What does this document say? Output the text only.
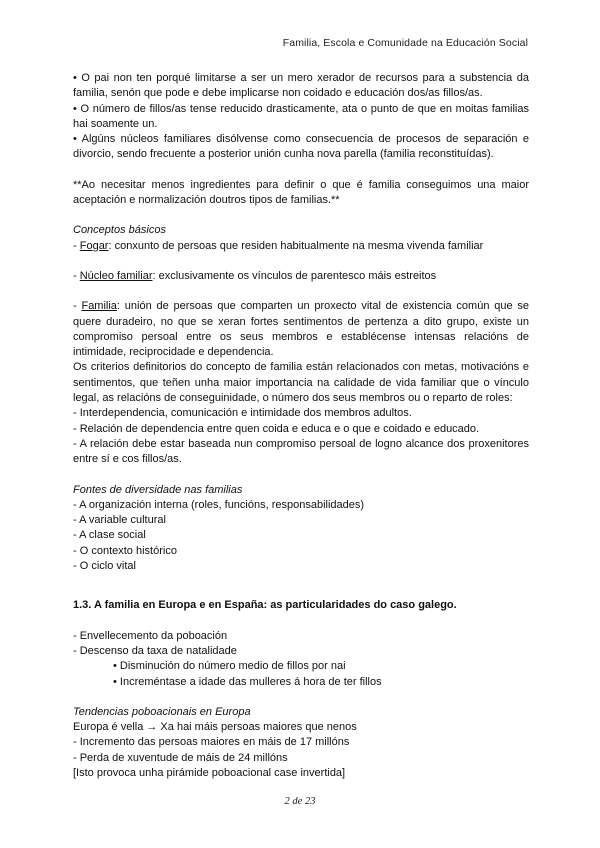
Familia, Escola e Comunidade na Educación Social

• O pai non ten porqué limitarse a ser un mero xerador de recursos para a substencia da familia, senón que pode e debe implicarse non coidado e educación dos/as fillos/as.

• O número de fillos/as tense reducido drasticamente, ata o punto de que en moitas familias hai soamente un.

• Algúns núcleos familiares disólvense como consecuencia de procesos de separación e divorcio, sendo frecuente a posterior unión cunha nova parella (familia reconstituídas).

**Ao necesitar menos ingredientes para definir o que é familia conseguimos una maior aceptación e normalización doutros tipos de familias.**

Conceptos básicos

- Fogar: conxunto de persoas que residen habitualmente na mesma vivenda familiar

- Núcleo familiar: exclusivamente os vínculos de parentesco máis estreitos

- Familia: unión de persoas que comparten un proxecto vital de existencia común que se quere duradeiro, no que se xeran fortes sentimentos de pertenza a dito grupo, existe un compromiso persoal entre os seus membros e establécense intensas relacións de intimidade, reciprocidade e dependencia.

Os criterios definitorios do concepto de familia están relacionados con metas, motivacións e sentimentos, que teñen unha maior importancia na calidade de vida familiar que o vínculo legal, as relacións de conseguinidade, o número dos seus membros ou o reparto de roles:

- Interdependencia, comunicación e intimidade dos membros adultos.

- Relación de dependencia entre quen coida e educa e o que e coidado e educado.

- A relación debe estar baseada nun compromiso persoal de logno alcance dos proxenitores entre sí e cos fillos/as.

Fontes de diversidade nas familias

- A organización interna (roles, funcións, responsabilidades)

- A variable cultural

- A clase social

- O contexto histórico

- O ciclo vital

1.3. A familia en Europa e en España: as particularidades do caso galego.

- Envellecemento da poboación

- Descenso da taxa de natalidade

• Disminución do número medio de fillos por nai

• Increméntase a idade das mulleres á hora de ter fillos

Tendencias poboacionais en Europa

Europa é vella → Xa hai máis persoas maiores que nenos

- Incremento das persoas maiores en máis de 17 millóns

- Perda de xuventude de máis de 24 millóns

[Isto provoca unha pirámide poboacional case invertida]

2 de 23
